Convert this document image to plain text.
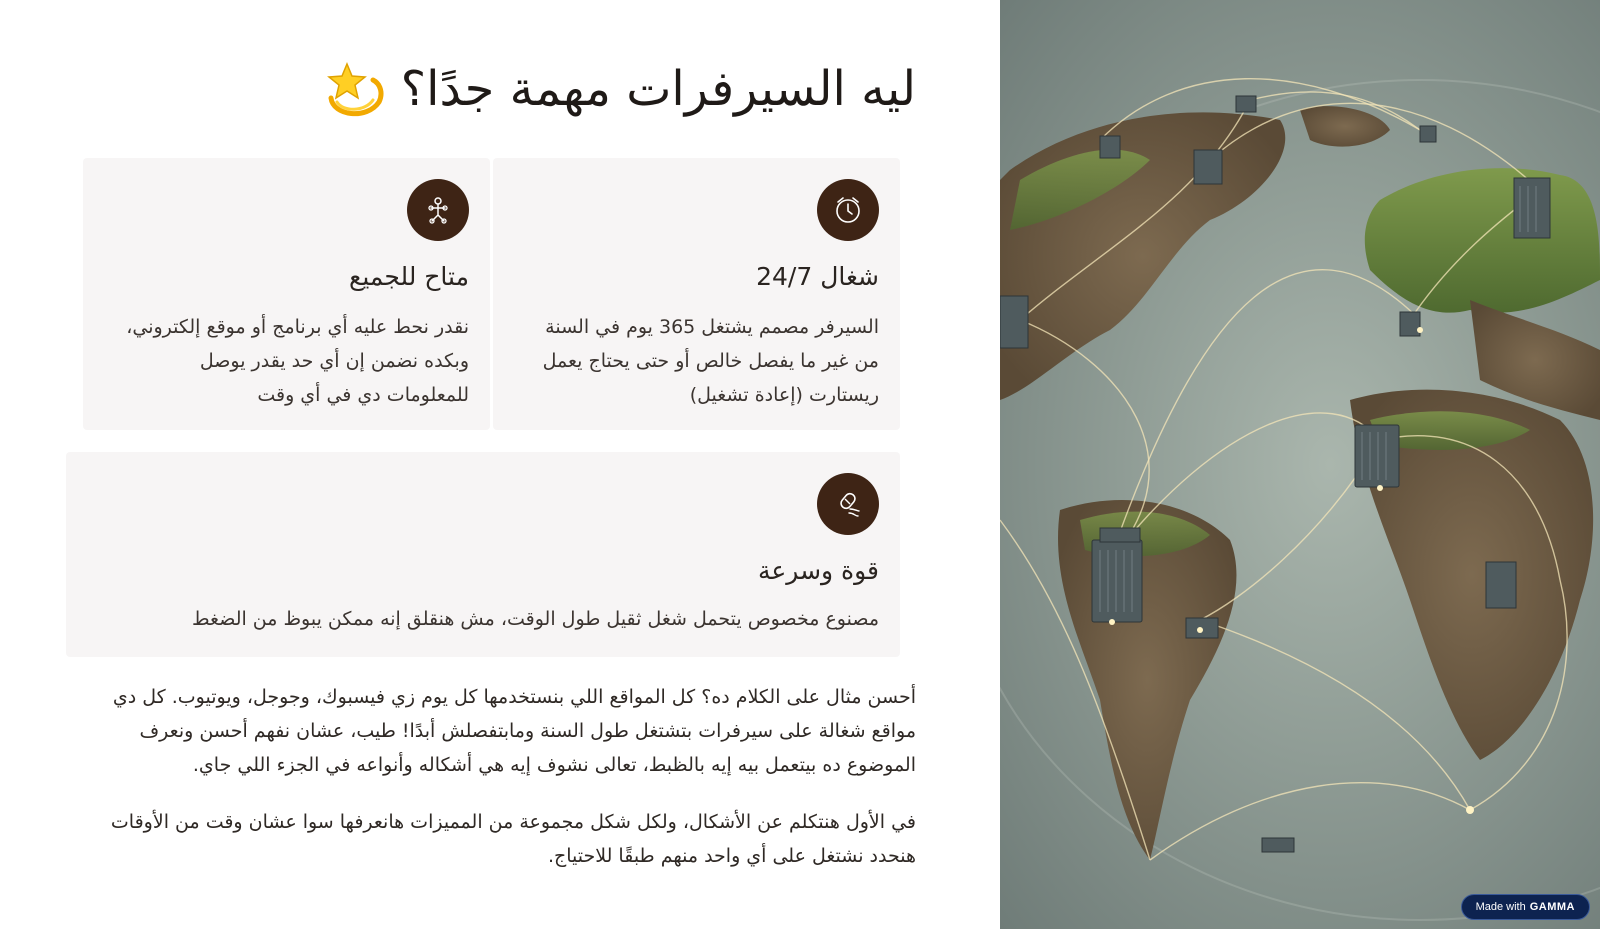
ليه السيرفرات مهمة جدًا؟
شغال 24/7
السيرفر مصمم يشتغل 365 يوم في السنة
من غير ما يفصل خالص أو حتى يحتاج يعمل
ريستارت (إعادة تشغيل)
متاح للجميع
نقدر نحط عليه أي برنامج أو موقع إلكتروني،
وبكده نضمن إن أي حد يقدر يوصل
للمعلومات دي في أي وقت
قوة وسرعة
مصنوع مخصوص يتحمل شغل ثقيل طول الوقت، مش هنقلق إنه ممكن يبوظ من الضغط
أحسن مثال على الكلام ده؟ كل المواقع اللي بنستخدمها كل يوم زي فيسبوك، وجوجل، ويوتيوب. كل دي
مواقع شغالة على سيرفرات بتشتغل طول السنة ومابتفصلش أبدًا! طيب، عشان نفهم أحسن ونعرف
الموضوع ده بيتعمل بيه إيه بالظبط، تعالى نشوف إيه هي أشكاله وأنواعه في الجزء اللي جاي.
في الأول هنتكلم عن الأشكال، ولكل شكل مجموعة من المميزات هانعرفها سوا عشان وقت من الأوقات
هنحدد نشتغل على أي واحد منهم طبقًا للاحتياج.
Made with GAMMA
